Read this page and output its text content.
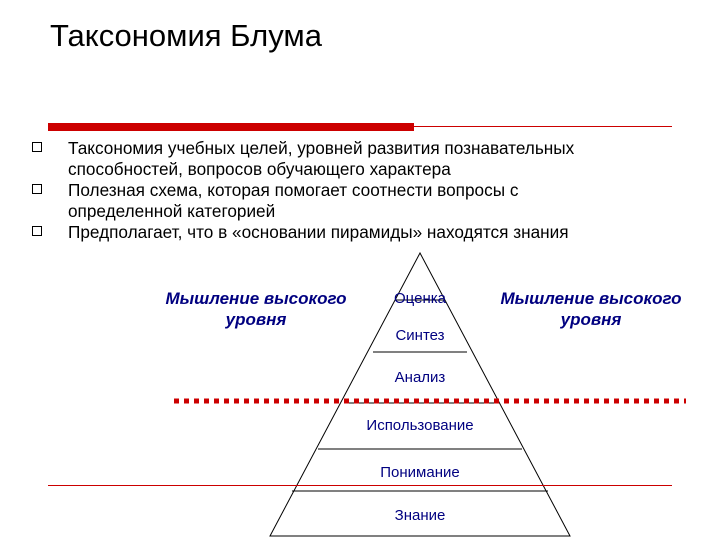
Таксономия Блума
Таксономия учебных целей, уровней развития познавательных
способностей, вопросов обучающего характера
Полезная схема, которая помогает соотнести вопросы с
определенной категорией
Предполагает, что в «основании пирамиды» находятся знания
Мышление высокого
уровня
Мышление высокого
уровня
Оценка
Синтез
Анализ
Использование
Понимание
Знание
